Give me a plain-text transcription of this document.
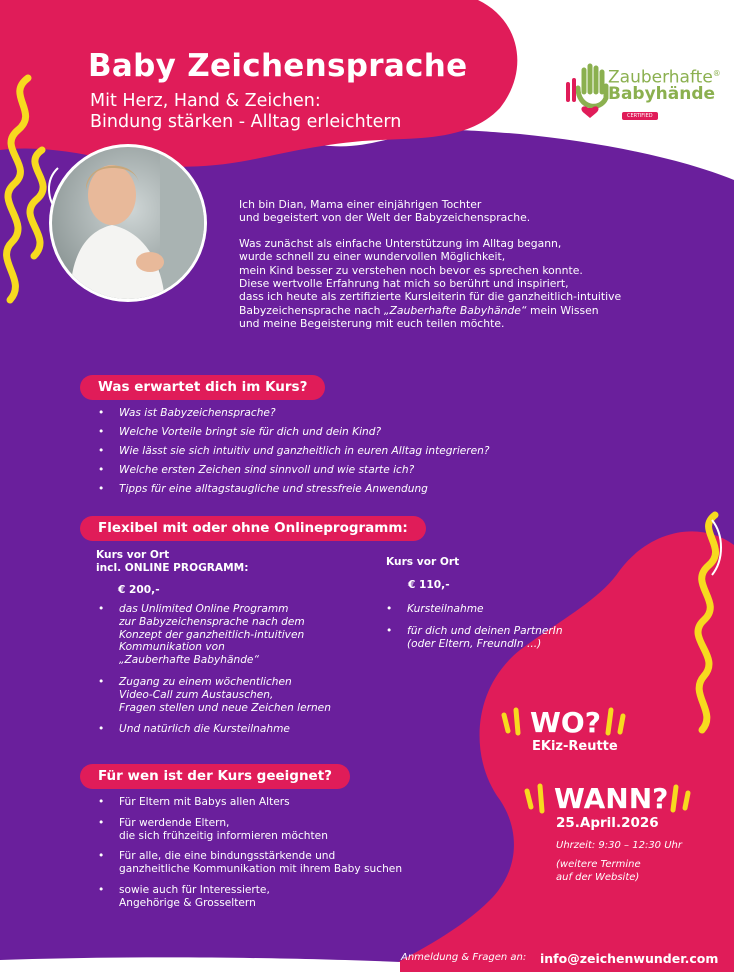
Baby Zeichensprache
Mit Herz, Hand & Zeichen:
Bindung stärken - Alltag erleichtern
Zauberhafte®
Babyhände
CERTIFIED

Ich bin Dian, Mama einer einjährigen Tochter
und begeistert von der Welt der Babyzeichensprache.

Was zunächst als einfache Unterstützung im Alltag begann,
wurde schnell zu einer wundervollen Möglichkeit,
mein Kind besser zu verstehen noch bevor es sprechen konnte.
Diese wertvolle Erfahrung hat mich so berührt und inspiriert,
dass ich heute als zertifizierte Kursleiterin für die ganzheitlich-intuitive
Babyzeichensprache nach „Zauberhafte Babyhände“ mein Wissen
und meine Begeisterung mit euch teilen möchte.

Was erwartet dich im Kurs?
• Was ist Babyzeichensprache?
• Welche Vorteile bringt sie für dich und dein Kind?
• Wie lässt sie sich intuitiv und ganzheitlich in euren Alltag integrieren?
• Welche ersten Zeichen sind sinnvoll und wie starte ich?
• Tipps für eine alltagstaugliche und stressfreie Anwendung
Flexibel mit oder ohne Onlineprogramm:
Kurs vor Ort
incl. ONLINE PROGRAMM:
€ 200,-
• das Unlimited Online Programm
zur Babyzeichensprache nach dem
Konzept der ganzheitlich-intuitiven
Kommunikation von
„Zauberhafte Babyhände“
• Zugang zu einem wöchentlichen
Video-Call zum Austauschen,
Fragen stellen und neue Zeichen lernen
• Und natürlich die Kursteilnahme
Kurs vor Ort
€ 110,-
• Kursteilnahme
• für dich und deinen PartnerIn
(oder Eltern, FreundIn ...)
Für wen ist der Kurs geeignet?
• Für Eltern mit Babys allen Alters
• Für werdende Eltern,
die sich frühzeitig informieren möchten
• Für alle, die eine bindungsstärkende und
ganzheitliche Kommunikation mit ihrem Baby suchen
• sowie auch für Interessierte,
Angehörige & Grosseltern
WO?
EKiz-Reutte
WANN?
25.April.2026
Uhrzeit: 9:30 – 12:30 Uhr
(weitere Termine
auf der Website)
Anmeldung & Fragen an: info@zeichenwunder.com
